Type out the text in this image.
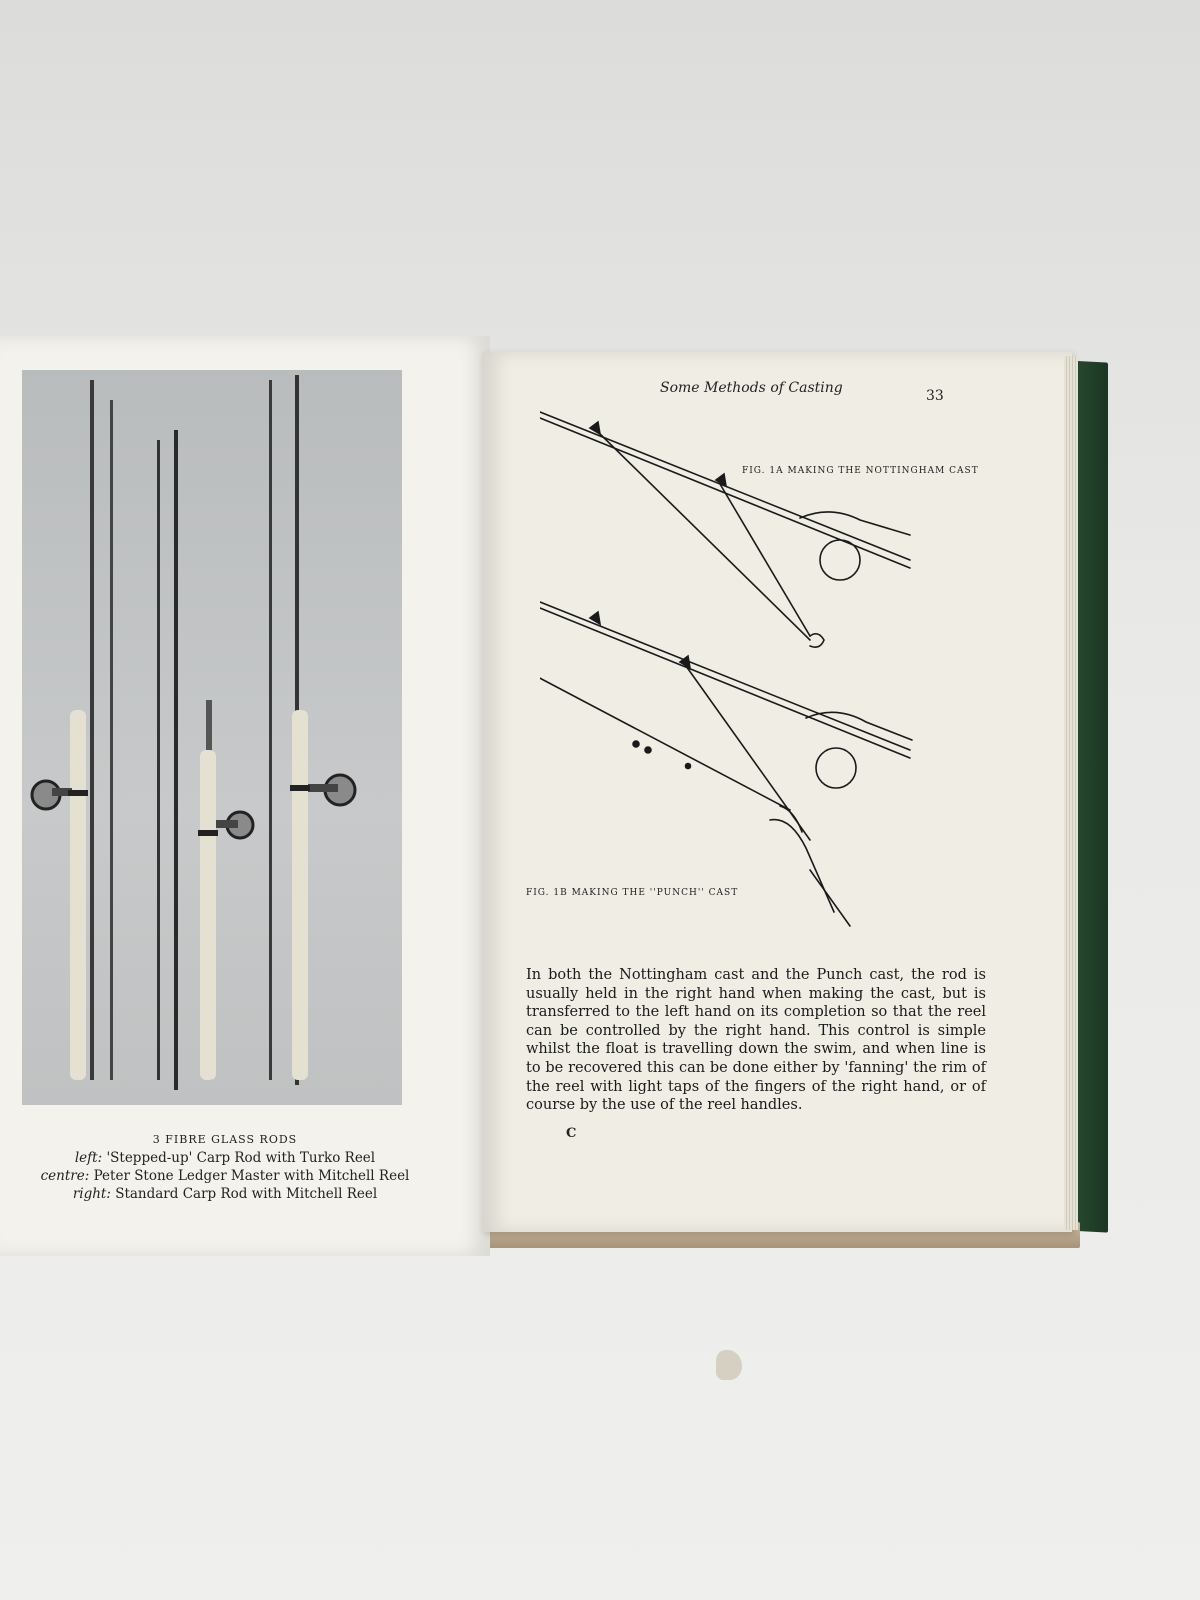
3 FIBRE GLASS RODS
left: 'Stepped-up' Carp Rod with Turko Reel
centre: Peter Stone Ledger Master with Mitchell Reel
right: Standard Carp Rod with Mitchell Reel
Some Methods of Casting	33
FIG. 1A MAKING THE NOTTINGHAM CAST
FIG. 1B MAKING THE ''PUNCH'' CAST
In both the Nottingham cast and the Punch cast, the rod is usually held in the right hand when making the cast, but is transferred to the left hand on its completion so that the reel can be controlled by the right hand. This control is simple whilst the float is travelling down the swim, and when line is to be recovered this can be done either by 'fanning' the rim of the reel with light taps of the fingers of the right hand, or of course by the use of the reel handles.
C
